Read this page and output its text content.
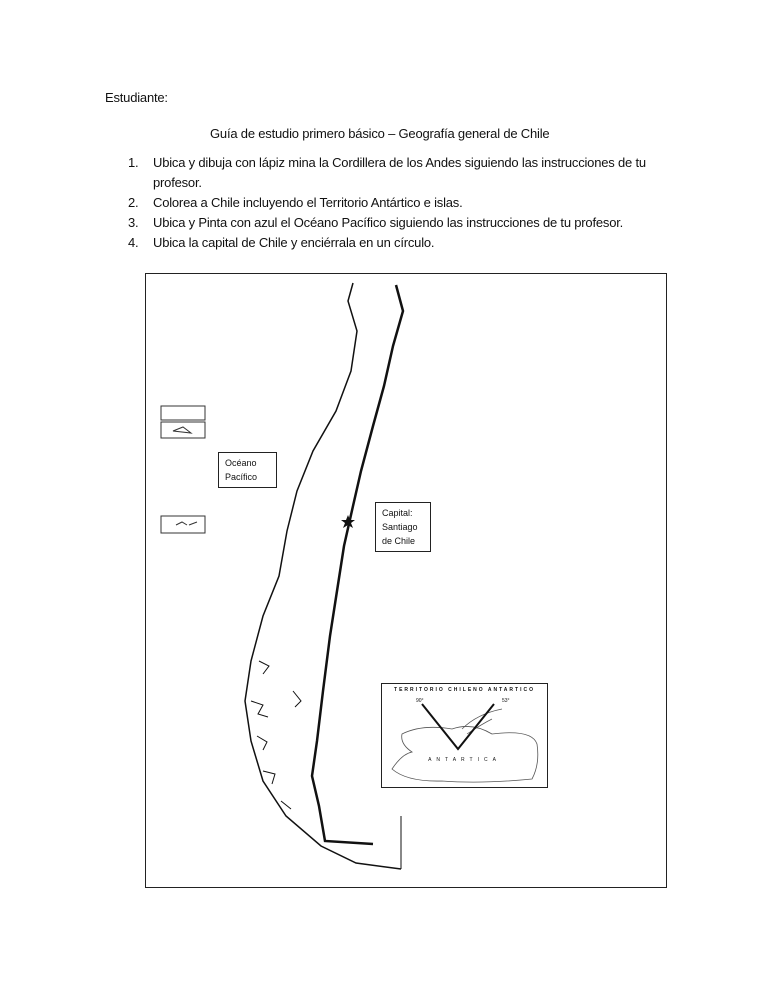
Estudiante:
Guía de estudio primero básico – Geografía general de Chile
1. Ubica y dibuja con lápiz mina la Cordillera de los Andes siguiendo las instrucciones de tu
profesor.
2. Colorea a Chile incluyendo el Territorio Antártico e islas.
3. Ubica y Pinta con azul el Océano Pacífico siguiendo las instrucciones de tu profesor.
4. Ubica la capital de Chile y enciérrala en un círculo.
Océano
Pacífico
Capital:
Santiago
de Chile
TERRITORIO CHILENO ANTARTICO
90°	53°
ANTARTICA
